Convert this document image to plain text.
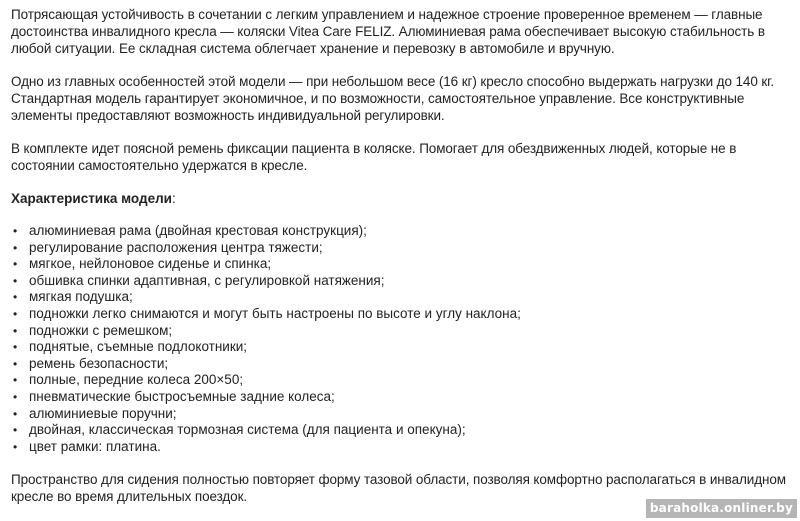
Потрясающая устойчивость в сочетании с легким управлением и надежное строение проверенное временем — главные достоинства инвалидного кресла — коляски Vitea Care FELIZ. Алюминиевая рама обеспечивает высокую стабильность в любой ситуации. Ее складная система облегчает хранение и перевозку в автомобиле и вручную.

Одно из главных особенностей этой модели — при небольшом весе (16 кг) кресло способно выдержать нагрузки до 140 кг. Стандартная модель гарантирует экономичное, и по возможности, самостоятельное управление. Все конструктивные элементы предоставляют возможность индивидуальной регулировки.

В комплекте идет поясной ремень фиксации пациента в коляске. Помогает для обездвиженных людей, которые не в состоянии самостоятельно удержатся в кресле.

Характеристика модели:
• алюминиевая рама (двойная крестовая конструкция);
• регулирование расположения центра тяжести;
• мягкое, нейлоновое сиденье и спинка;
• обшивка спинки адаптивная, с регулировкой натяжения;
• мягкая подушка;
• подножки легко снимаются и могут быть настроены по высоте и углу наклона;
• подножки с ремешком;
• поднятые, съемные подлокотники;
• ремень безопасности;
• полные, передние колеса 200×50;
• пневматические быстросъемные задние колеса;
• алюминиевые поручни;
• двойная, классическая тормозная система (для пациента и опекуна);
• цвет рамки: платина.

Пространство для сидения полностью повторяет форму тазовой области, позволяя комфортно располагаться в инвалидном кресле во время длительных поездок.

baraholka.onliner.by
